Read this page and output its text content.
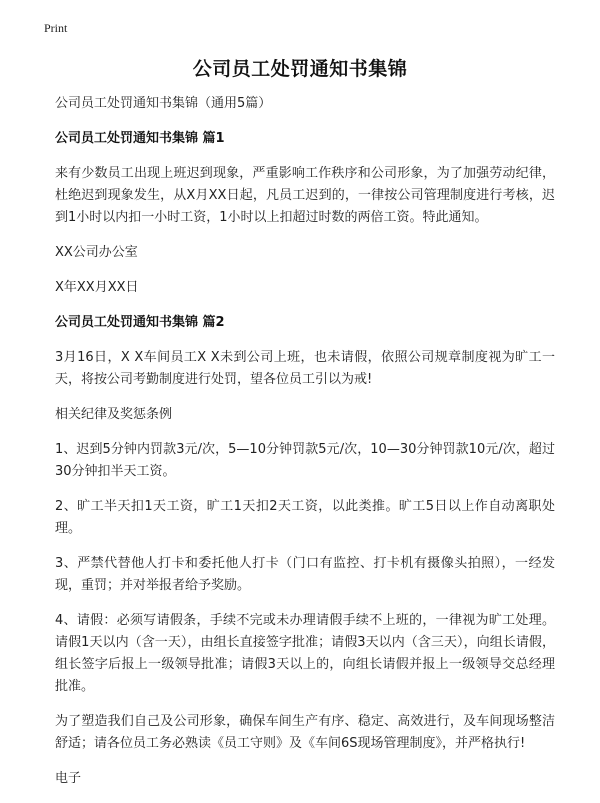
Print
公司员工处罚通知书集锦
公司员工处罚通知书集锦（通用5篇）
公司员工处罚通知书集锦 篇1
来有少数员工出现上班迟到现象，严重影响工作秩序和公司形象，为了加强劳动纪律，杜绝迟到现象发生，从X月XX日起，凡员工迟到的，一律按公司管理制度进行考核，迟到1小时以内扣一小时工资，1小时以上扣超过时数的两倍工资。特此通知。
XX公司办公室
X年XX月XX日
公司员工处罚通知书集锦 篇2
3月16日，X X车间员工X X未到公司上班，也未请假，依照公司规章制度视为旷工一天，将按公司考勤制度进行处罚，望各位员工引以为戒!
相关纪律及奖惩条例
1、迟到5分钟内罚款3元/次，5—10分钟罚款5元/次，10—30分钟罚款10元/次，超过30分钟扣半天工资。
2、旷工半天扣1天工资，旷工1天扣2天工资，以此类推。旷工5日以上作自动离职处理。
3、严禁代替他人打卡和委托他人打卡（门口有监控、打卡机有摄像头拍照），一经发现，重罚；并对举报者给予奖励。
4、请假：必须写请假条，手续不完或未办理请假手续不上班的，一律视为旷工处理。请假1天以内（含一天），由组长直接签字批准；请假3天以内（含三天），向组长请假，组长签字后报上一级领导批准；请假3天以上的，向组长请假并报上一级领导交总经理批准。
为了塑造我们自己及公司形象，确保车间生产有序、稳定、高效进行，及车间现场整洁舒适；请各位员工务必熟读《员工守则》及《车间6S现场管理制度》，并严格执行!
电子
